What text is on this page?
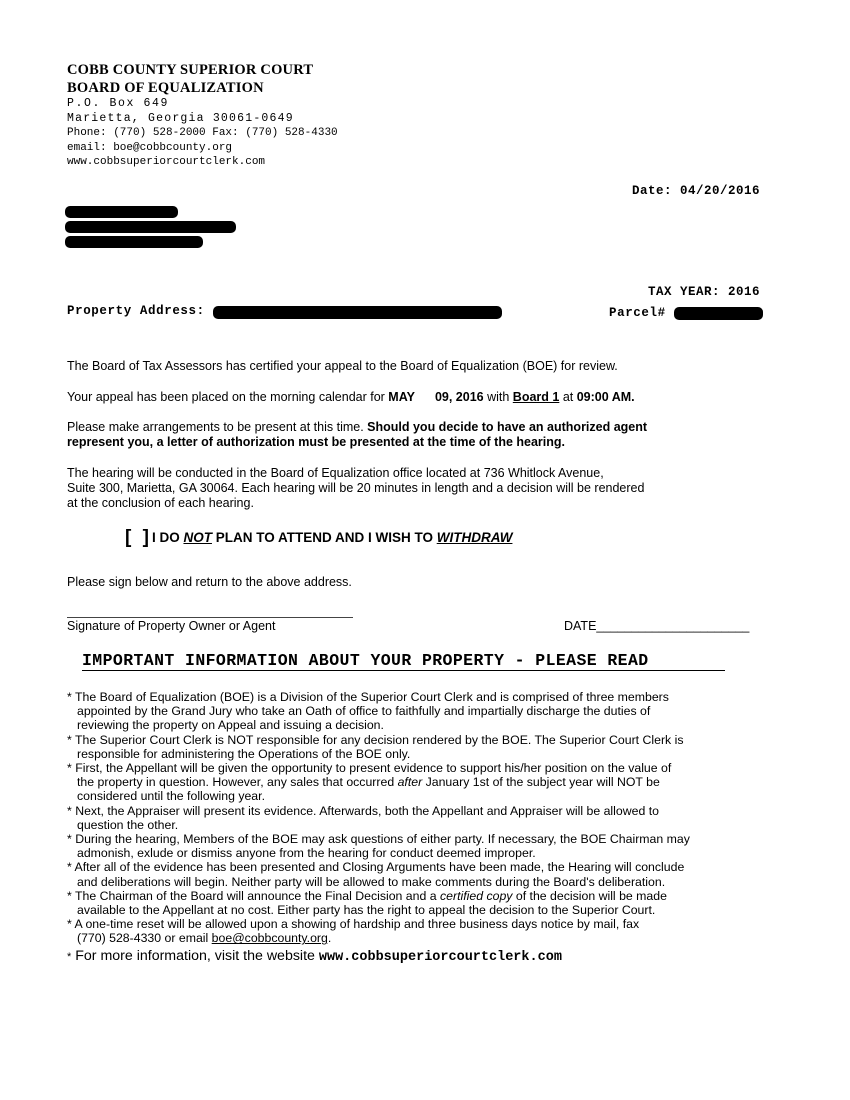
COBB COUNTY SUPERIOR COURT
BOARD OF EQUALIZATION
P.O. Box 649
Marietta, Georgia 30061-0649
Phone: (770) 528-2000 Fax: (770) 528-4330
email: boe@cobbcounty.org
www.cobbsuperiorcourtclerk.com
Date: 04/20/2016
TAX YEAR: 2016
Property Address:	Parcel#
The Board of Tax Assessors has certified your appeal to the Board of Equalization (BOE) for review.
Your appeal has been placed on the morning calendar for MAY 09, 2016 with Board 1 at 09:00 AM.
Please make arrangements to be present at this time. Should you decide to have an authorized agent
represent you, a letter of authorization must be presented at the time of the hearing.
The hearing will be conducted in the Board of Equalization office located at 736 Whitlock Avenue,
Suite 300, Marietta, GA 30064. Each hearing will be 20 minutes in length and a decision will be rendered
at the conclusion of each hearing.
[ ]I DO NOT PLAN TO ATTEND AND I WISH TO WITHDRAW
Please sign below and return to the above address.
Signature of Property Owner or Agent	DATE______________________
IMPORTANT INFORMATION ABOUT YOUR PROPERTY - PLEASE READ
* The Board of Equalization (BOE) is a Division of the Superior Court Clerk and is comprised of three members
appointed by the Grand Jury who take an Oath of office to faithfully and impartially discharge the duties of
reviewing the property on Appeal and issuing a decision.
* The Superior Court Clerk is NOT responsible for any decision rendered by the BOE. The Superior Court Clerk is
responsible for administering the Operations of the BOE only.
* First, the Appellant will be given the opportunity to present evidence to support his/her position on the value of
the property in question. However, any sales that occurred after January 1st of the subject year will NOT be
considered until the following year.
* Next, the Appraiser will present its evidence. Afterwards, both the Appellant and Appraiser will be allowed to
question the other.
* During the hearing, Members of the BOE may ask questions of either party. If necessary, the BOE Chairman may
admonish, exlude or dismiss anyone from the hearing for conduct deemed improper.
* After all of the evidence has been presented and Closing Arguments have been made, the Hearing will conclude
and deliberations will begin. Neither party will be allowed to make comments during the Board's deliberation.
* The Chairman of the Board will announce the Final Decision and a certified copy of the decision will be made
available to the Appellant at no cost. Either party has the right to appeal the decision to the Superior Court.
* A one-time reset will be allowed upon a showing of hardship and three business days notice by mail, fax
(770) 528-4330 or email boe@cobbcounty.org.
* For more information, visit the website www.cobbsuperiorcourtclerk.com
